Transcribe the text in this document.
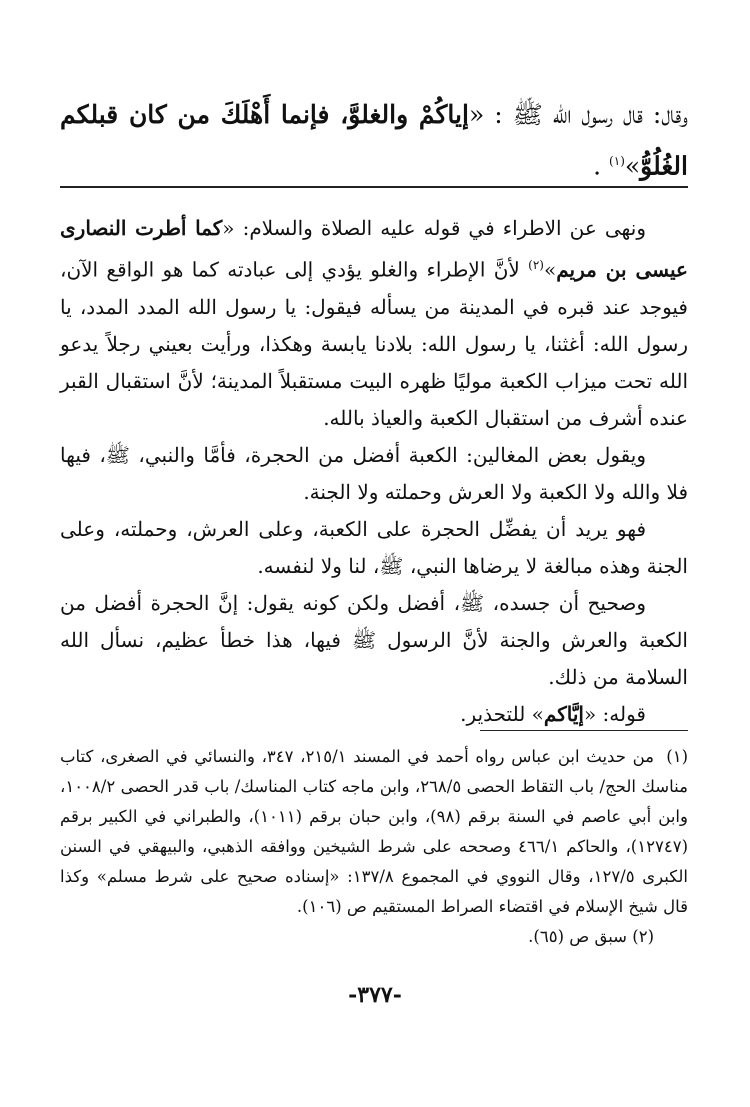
وقال: قال رسول الله ﷺ : «إياكُمْ والغلوَّ، فإنما أَهْلَكَ من كان قبلكم الغُلُوُّ»$^{(١)}$ .

ونهى عن الاطراء في قوله عليه الصلاة والسلام: «كما أطرت النصارى عيسى بن مريم»$^{(٢)}$ لأنَّ الإطراء والغلو يؤدي إلى عبادته كما هو الواقع الآن، فيوجد عند قبره في المدينة من يسأله فيقول: يا رسول الله المدد المدد، يا رسول الله: أغثنا، يا رسول الله: بلادنا يابسة وهكذا، ورأيت بعيني رجلاً يدعو الله تحت ميزاب الكعبة موليًا ظهره البيت مستقبلاً المدينة؛ لأنَّ استقبال القبر عنده أشرف من استقبال الكعبة والعياذ بالله.

ويقول بعض المغالين: الكعبة أفضل من الحجرة، فأمَّا والنبي، ﷺ، فيها فلا والله ولا الكعبة ولا العرش وحملته ولا الجنة.

فهو يريد أن يفضِّل الحجرة على الكعبة، وعلى العرش، وحملته، وعلى الجنة وهذه مبالغة لا يرضاها النبي، ﷺ، لنا ولا لنفسه.

وصحيح أن جسده، ﷺ، أفضل ولكن كونه يقول: إنَّ الحجرة أفضل من الكعبة والعرش والجنة لأنَّ الرسول ﷺ فيها، هذا خطأ عظيم، نسأل الله السلامة من ذلك.

قوله: «إيَّاكم» للتحذير.

(١)من حديث ابن عباس رواه أحمد في المسند ٢١٥/١، ٣٤٧، والنسائي في الصغرى، كتاب مناسك الحج/ باب التقاط الحصى ٢٦٨/٥، وابن ماجه كتاب المناسك/ باب قدر الحصى ١٠٠٨/٢، وابن أبي عاصم في السنة برقم (٩٨)، وابن حبان برقم (١٠١١)، والطبراني في الكبير برقم (١٢٧٤٧)، والحاكم ٤٦٦/١ وصححه على شرط الشيخين ووافقه الذهبي، والبيهقي في السنن الكبرى ١٢٧/٥، وقال النووي في المجموع ١٣٧/٨: «إسناده صحيح على شرط مسلم» وكذا قال شيخ الإسلام في اقتضاء الصراط المستقيم ص (١٠٦).

(٢) سبق ص (٦٥).

-٣٧٧-
